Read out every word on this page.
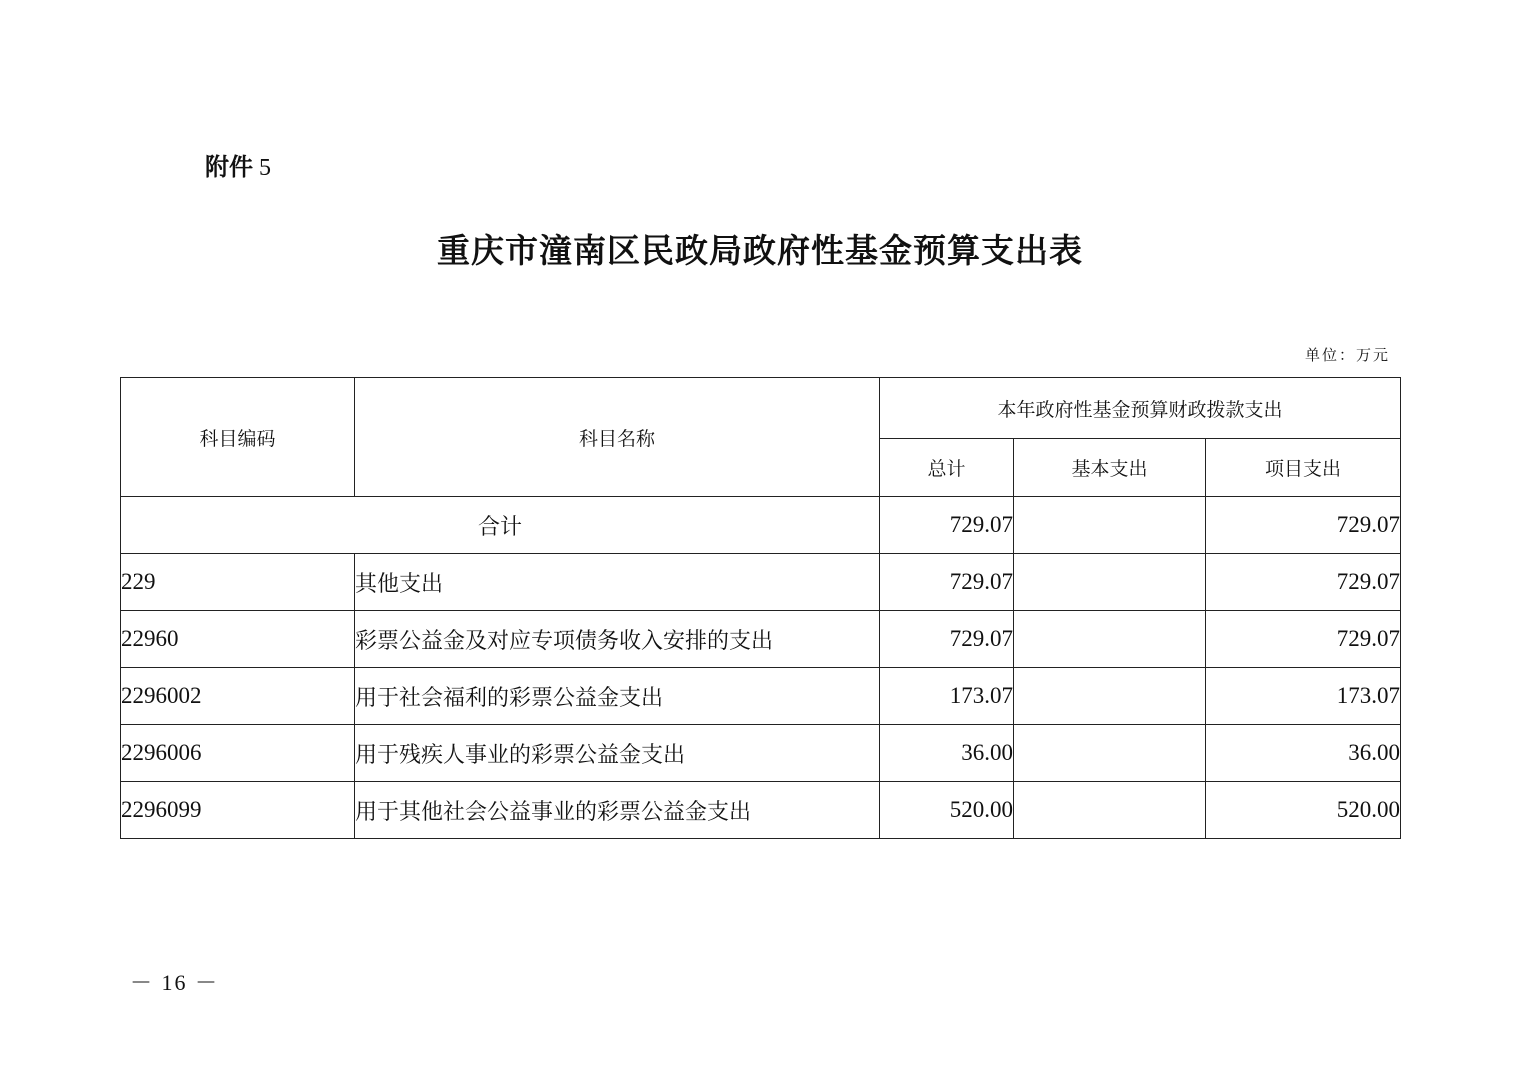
附件 5
重庆市潼南区民政局政府性基金预算支出表
单位：万元
科目编码	科目名称	本年政府性基金预算财政拨款支出		
		总计	基本支出	项目支出
合计		729.07		729.07
229	其他支出	729.07		729.07
22960	彩票公益金及对应专项债务收入安排的支出	729.07		729.07
2296002	用于社会福利的彩票公益金支出	173.07		173.07
2296006	用于残疾人事业的彩票公益金支出	36.00		36.00
2296099	用于其他社会公益事业的彩票公益金支出	520.00		520.00
－ 16 －
